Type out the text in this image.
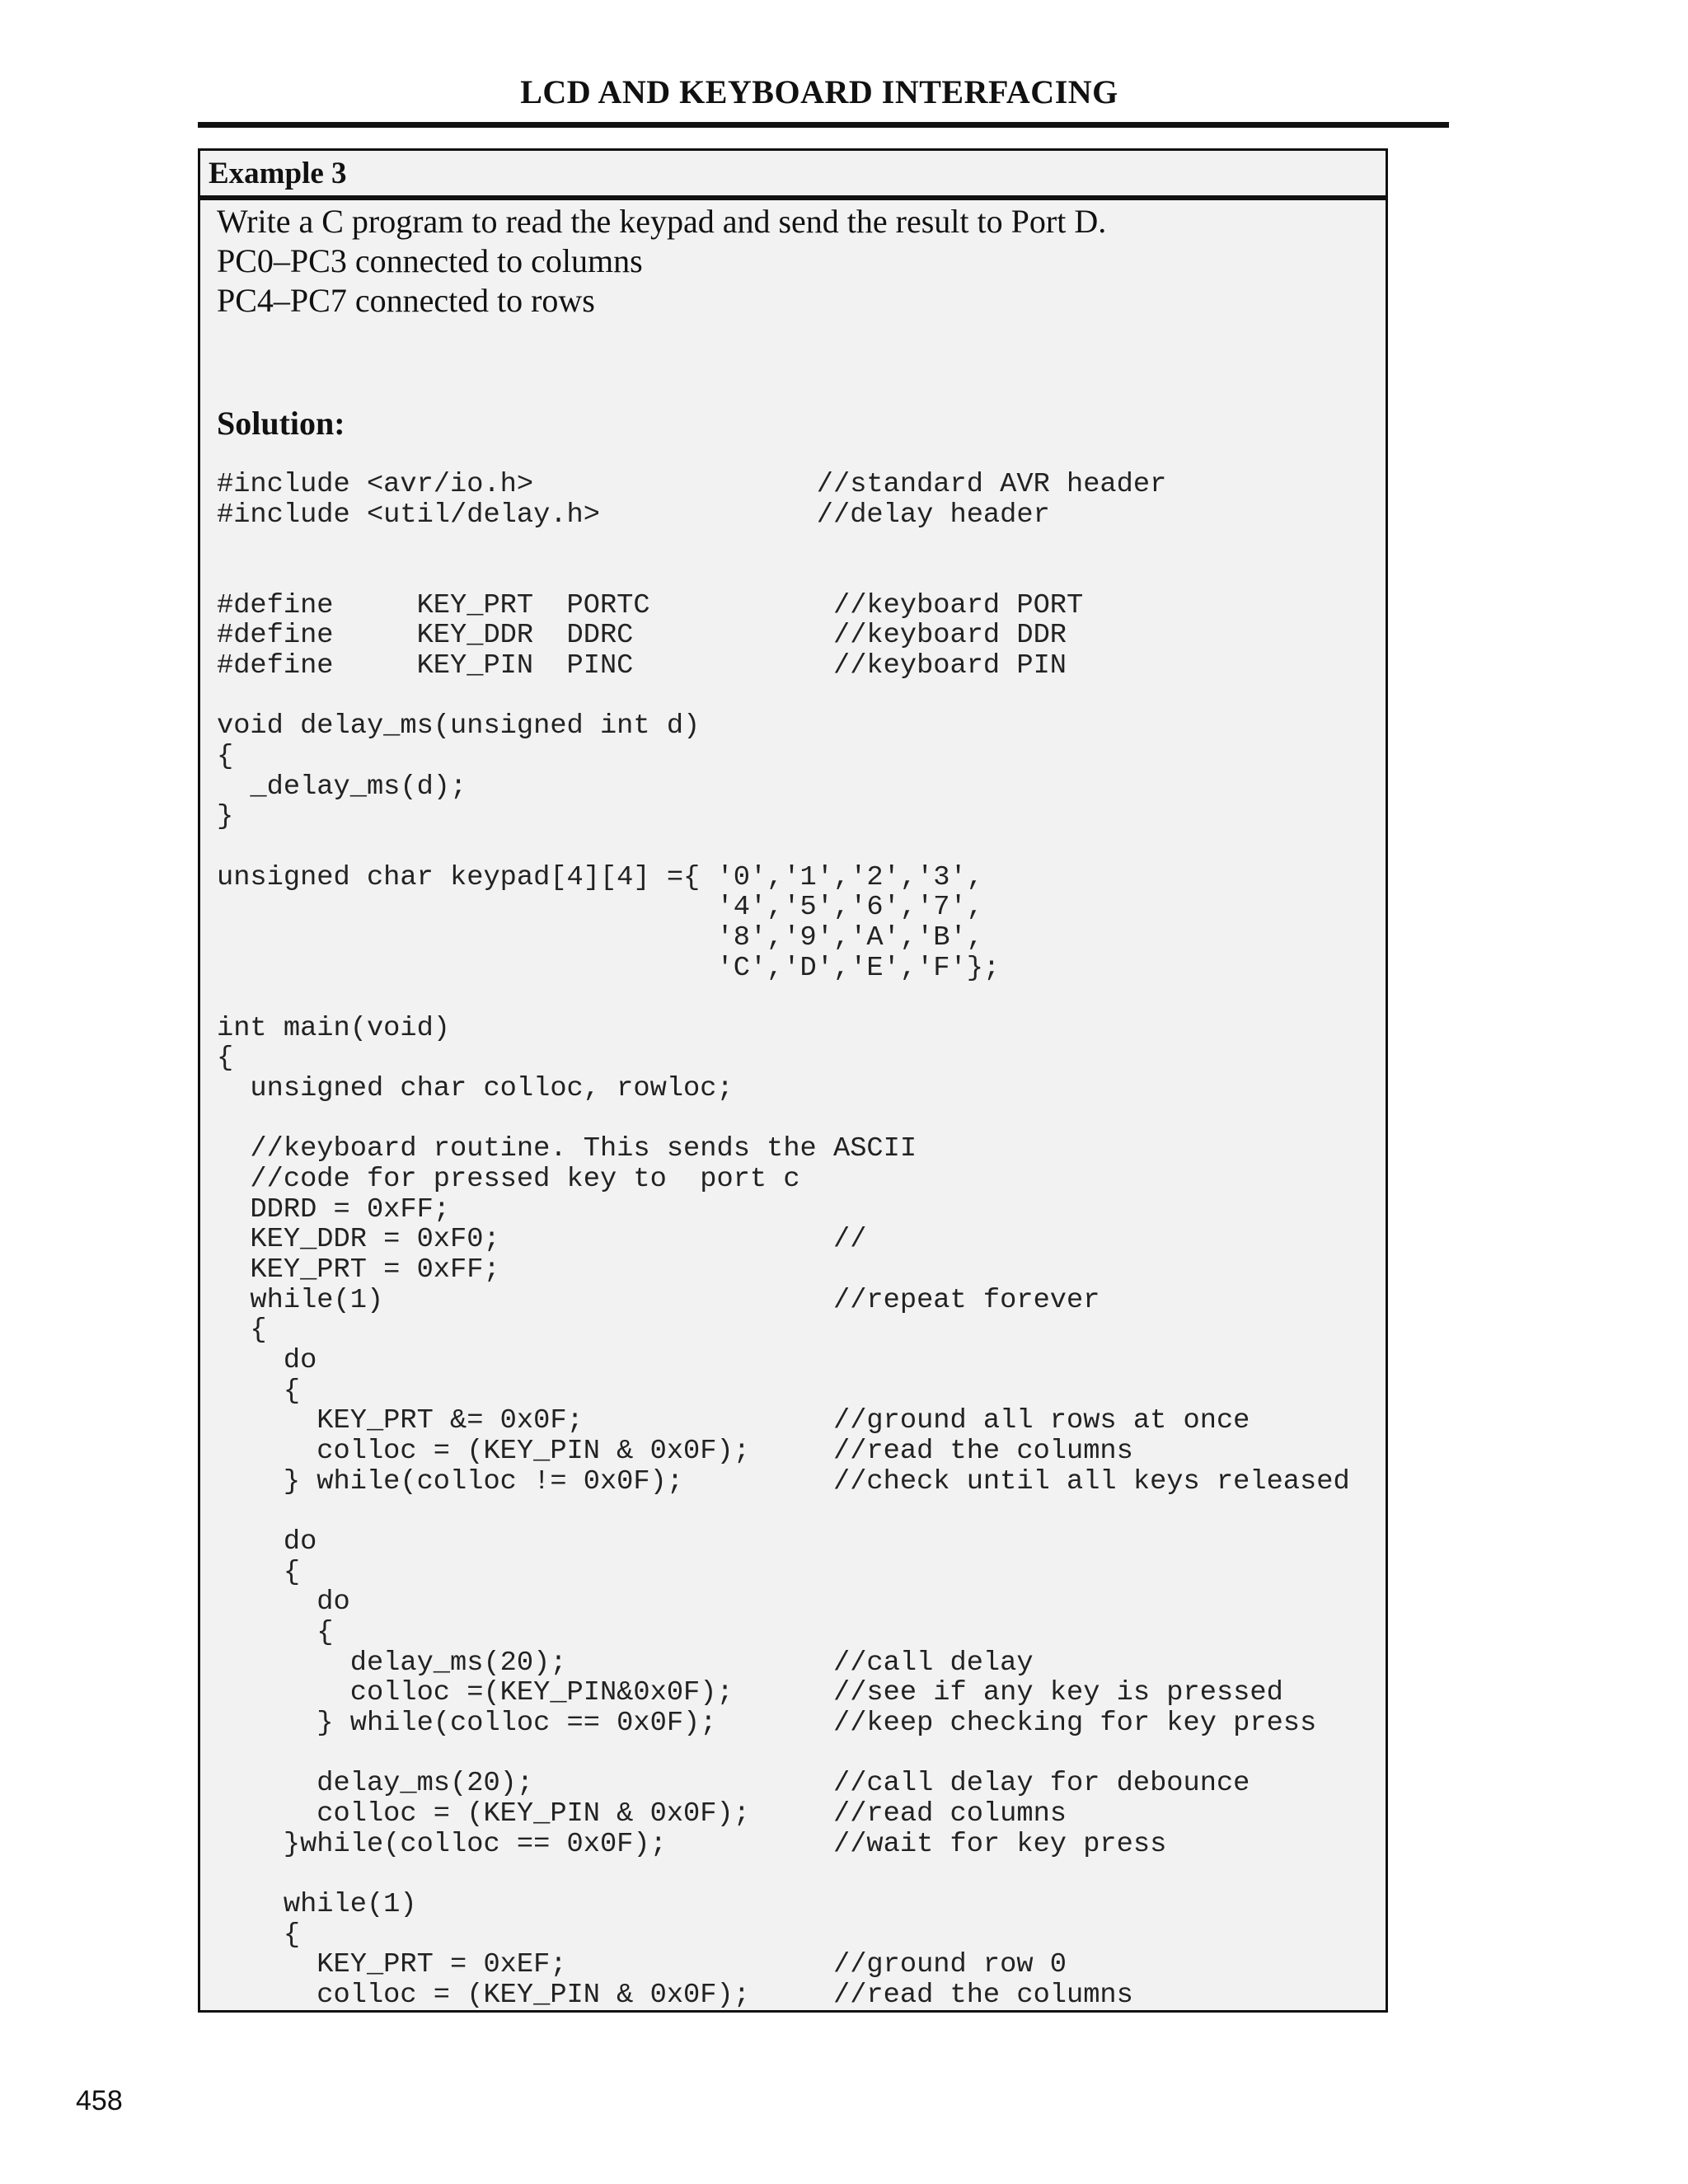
LCD AND KEYBOARD INTERFACING
Example 3
Write a C program to read the keypad and send the result to Port D.
PC0–PC3 connected to columns
PC4–PC7 connected to rows
Solution:
#include <avr/io.h>                 //standard AVR header
#include <util/delay.h>             //delay header

#define     KEY_PRT  PORTC           //keyboard PORT
#define     KEY_DDR  DDRC            //keyboard DDR
#define     KEY_PIN  PINC            //keyboard PIN

void delay_ms(unsigned int d)
{
_delay_ms(d);
}

unsigned char keypad[4][4] ={ '0','1','2','3',
'4','5','6','7',
'8','9','A','B',
'C','D','E','F'};

int main(void)
{
unsigned char colloc, rowloc;

//keyboard routine. This sends the ASCII
//code for pressed key to  port c
DDRD = 0xFF;
KEY_DDR = 0xF0;                    //
KEY_PRT = 0xFF;
while(1)                           //repeat forever
{
do
{
KEY_PRT &= 0x0F;               //ground all rows at once
colloc = (KEY_PIN & 0x0F);     //read the columns
} while(colloc != 0x0F);         //check until all keys released

do
{
do
{
delay_ms(20);                //call delay
colloc =(KEY_PIN&0x0F);      //see if any key is pressed
} while(colloc == 0x0F);       //keep checking for key press

delay_ms(20);                  //call delay for debounce
colloc = (KEY_PIN & 0x0F);     //read columns
}while(colloc == 0x0F);          //wait for key press

while(1)
{
KEY_PRT = 0xEF;                //ground row 0
colloc = (KEY_PIN & 0x0F);     //read the columns
458
